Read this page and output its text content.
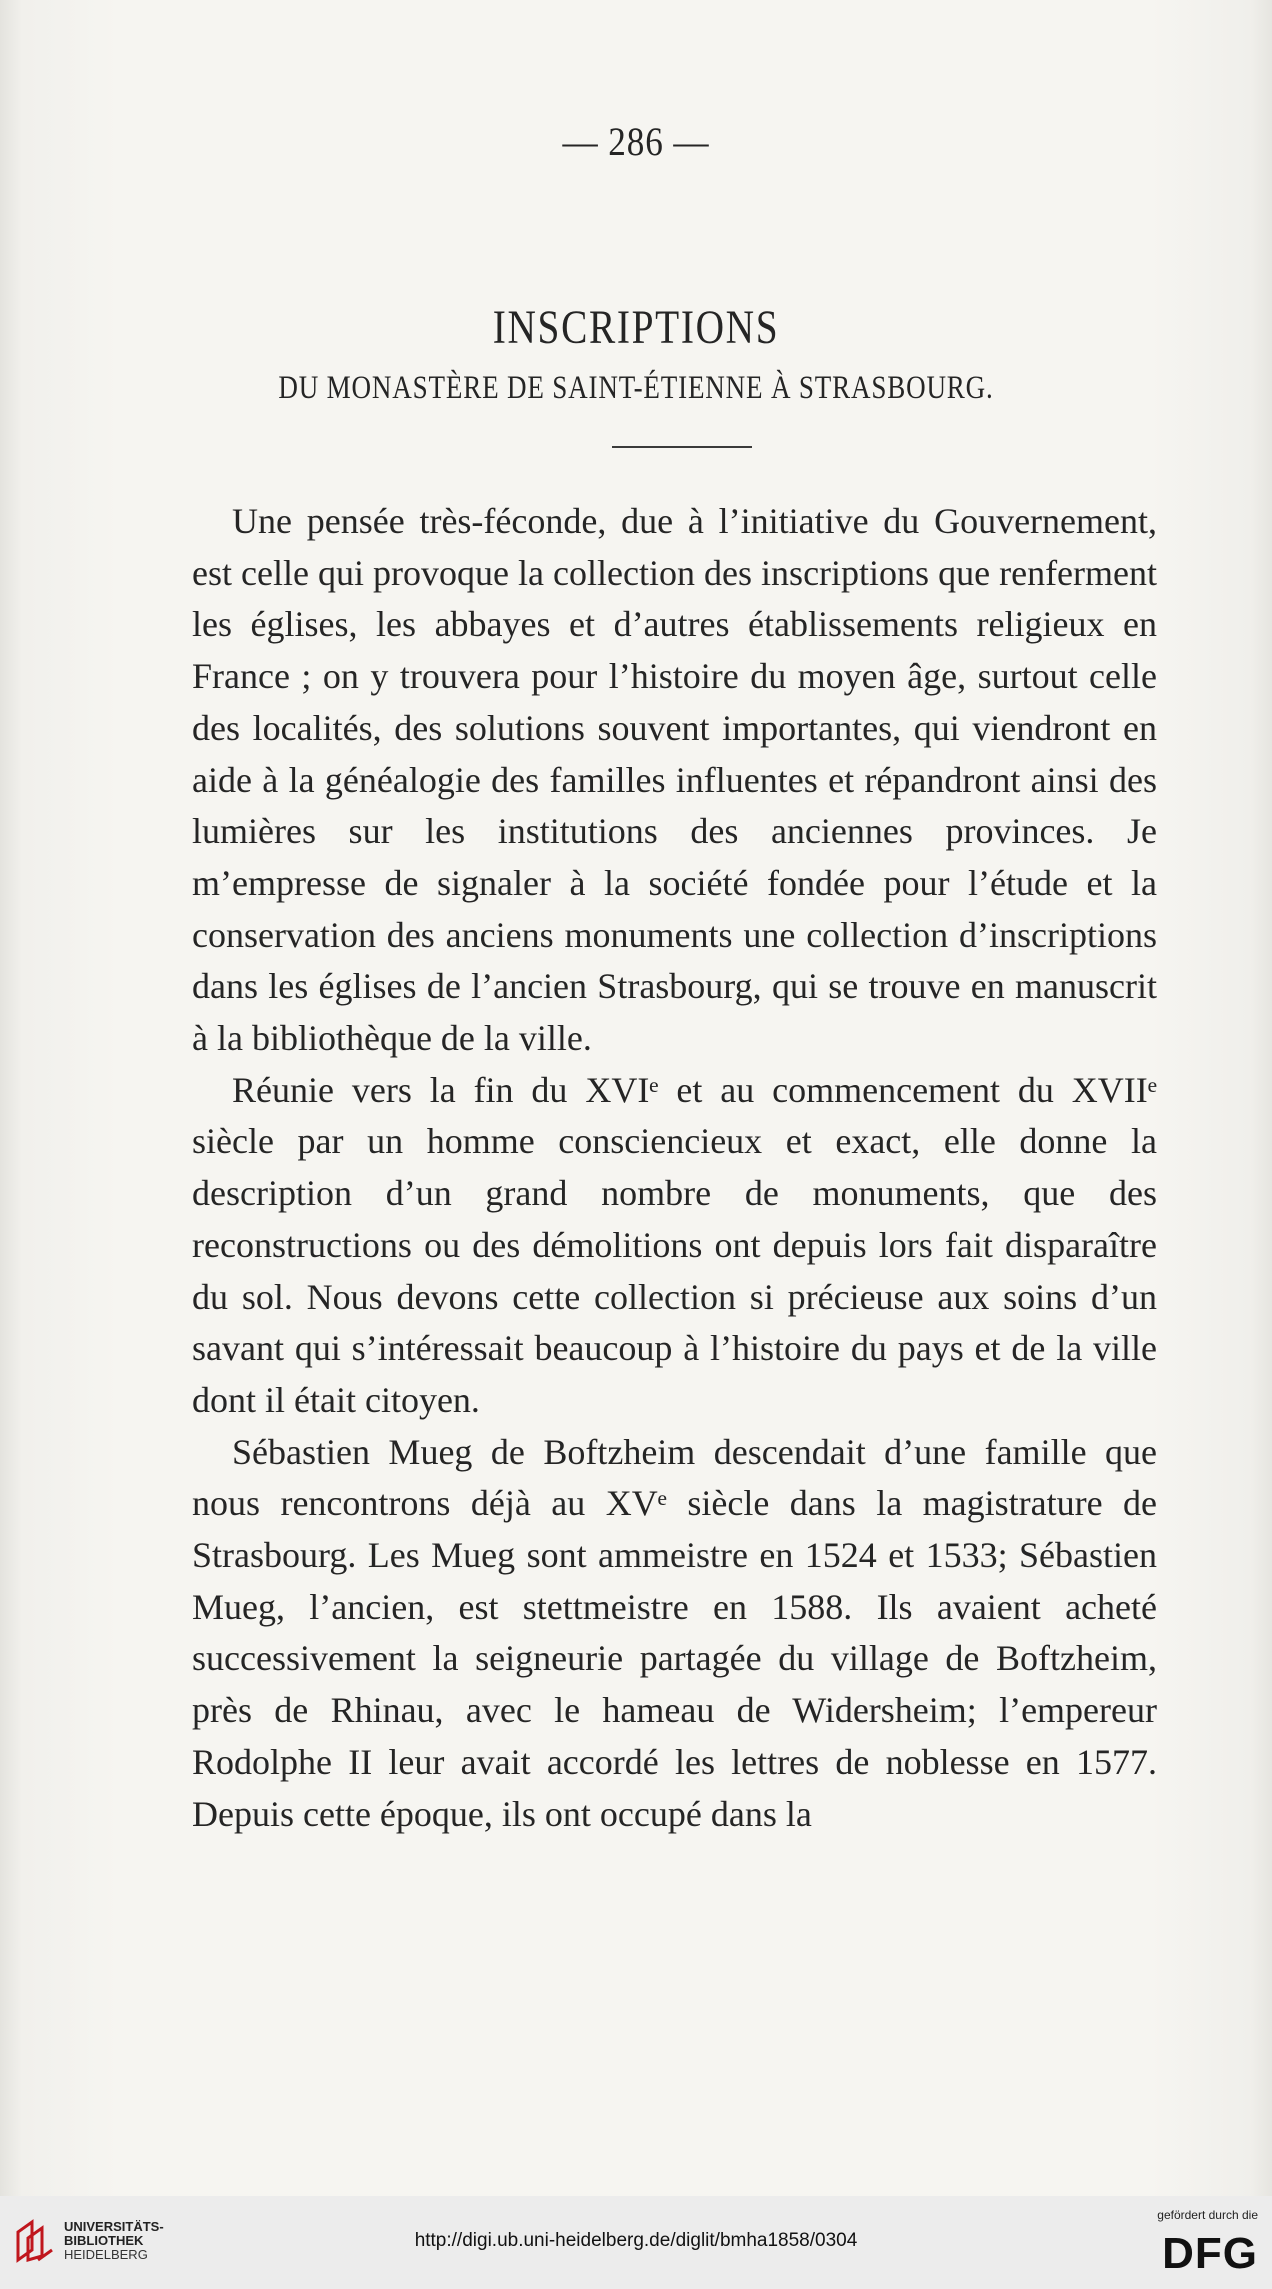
— 286 —
INSCRIPTIONS
DU MONASTÈRE DE SAINT-ÉTIENNE À STRASBOURG.

Une pensée très-féconde, due à l’initiative du Gouvernement, est celle qui provoque la collection des inscriptions que renferment les églises, les abbayes et d’autres établissements religieux en France ; on y trouvera pour l’histoire du moyen âge, surtout celle des localités, des solutions souvent importantes, qui viendront en aide à la généalogie des familles influentes et répandront ainsi des lumières sur les institutions des anciennes provinces. Je m’empresse de signaler à la société fondée pour l’étude et la conservation des anciens monuments une collection d’inscriptions dans les églises de l’ancien Strasbourg, qui se trouve en manuscrit à la bibliothèque de la ville.

Réunie vers la fin du XVIᵉ et au commencement du XVIIᵉ siècle par un homme consciencieux et exact, elle donne la description d’un grand nombre de monuments, que des reconstructions ou des démolitions ont depuis lors fait disparaître du sol. Nous devons cette collection si précieuse aux soins d’un savant qui s’intéressait beaucoup à l’histoire du pays et de la ville dont il était citoyen.

Sébastien Mueg de Boftzheim descendait d’une famille que nous rencontrons déjà au XVᵉ siècle dans la magistrature de Strasbourg. Les Mueg sont ammeistre en 1524 et 1533; Sébastien Mueg, l’ancien, est stettmeistre en 1588. Ils avaient acheté successivement la seigneurie partagée du village de Boftzheim, près de Rhinau, avec le hameau de Widersheim; l’empereur Rodolphe II leur avait accordé les lettres de noblesse en 1577. Depuis cette époque, ils ont occupé dans la

UNIVERSITÄTS-
BIBLIOTHEK
HEIDELBERG
http://digi.ub.uni-heidelberg.de/diglit/bmha1858/0304
gefördert durch die
DFG
